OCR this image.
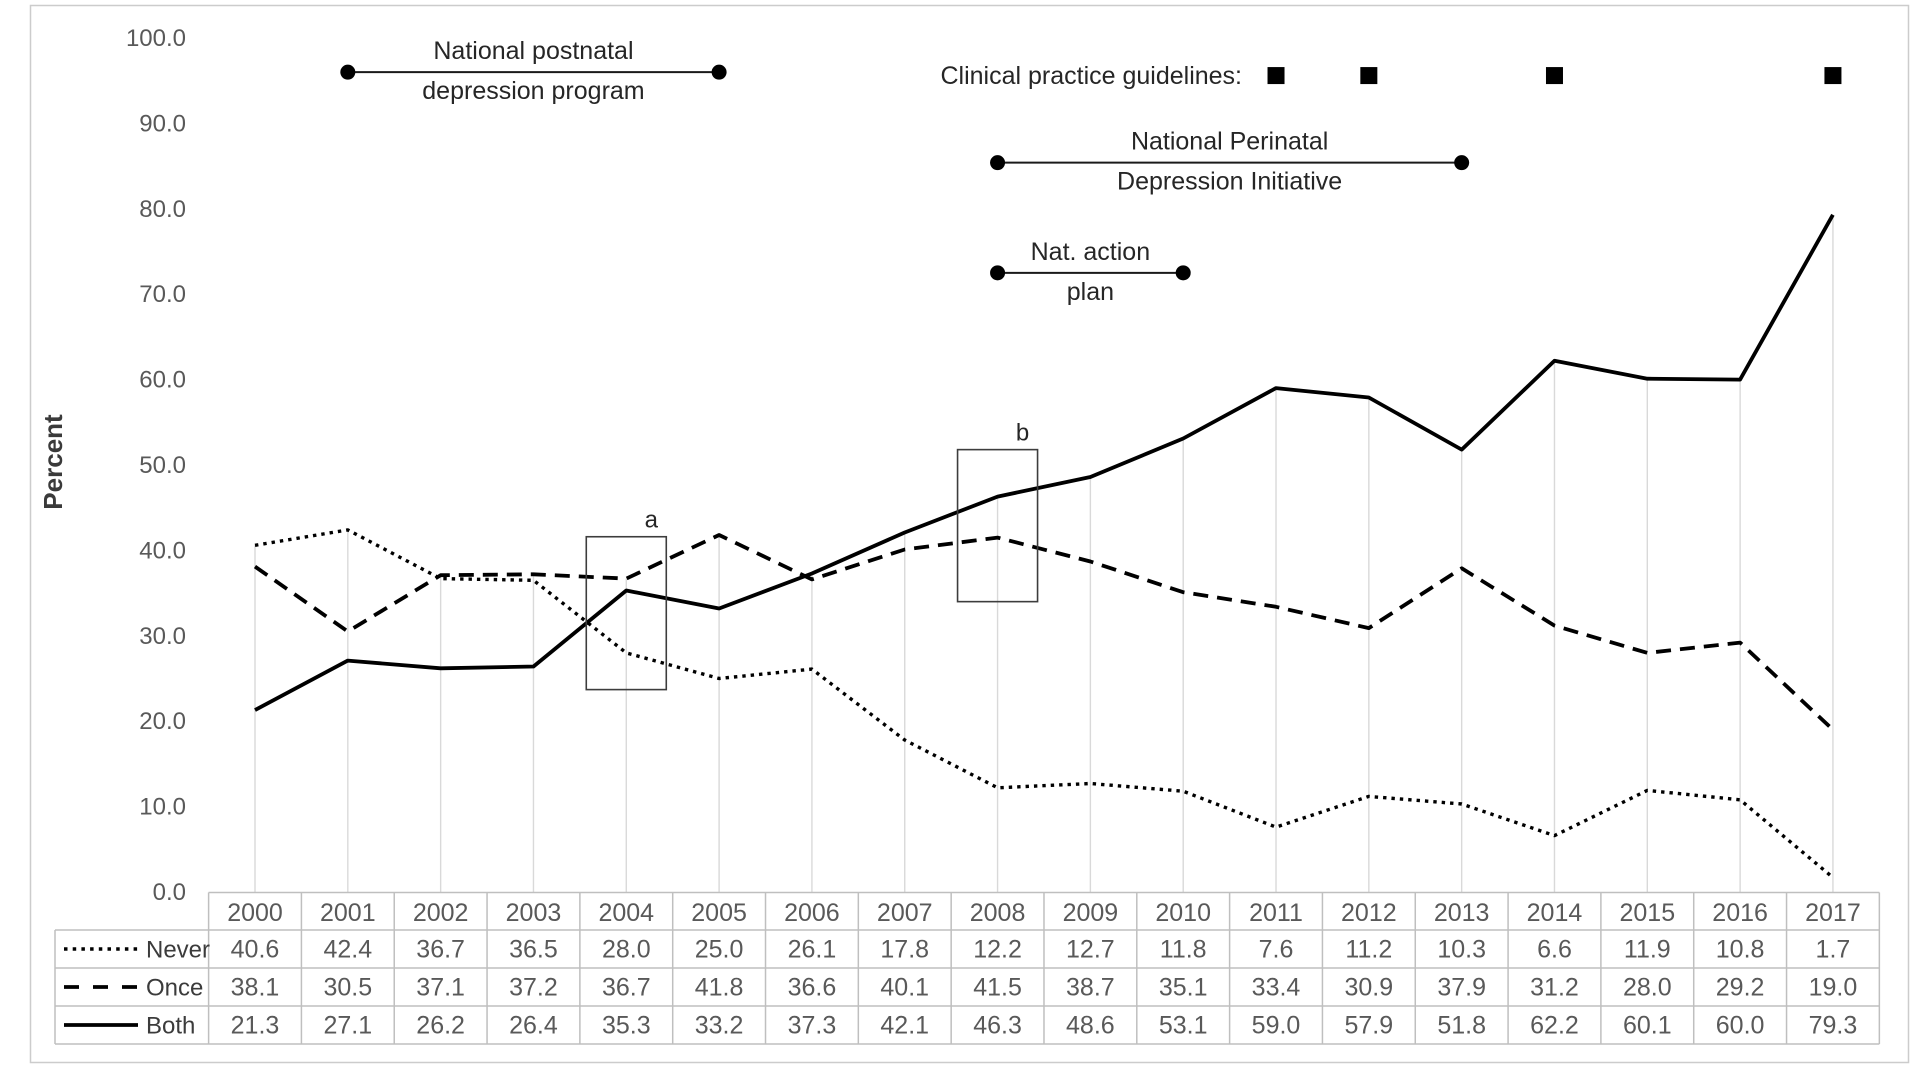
Percent
0.0
10.0
20.0
30.0
40.0
50.0
60.0
70.0
80.0
90.0
100.0	National postnatal
depression program
National Perinatal
Depression Initiative
Nat. action
plan
Clinical practice guidelines:
a
b
2000 2001 2002 2003 2004 2005 2006 2007 2008 2009 2010 2011 2012 2013 2014 2015 2016 2017
Never 40.6 42.4 36.7 36.5 28.0 25.0 26.1 17.8 12.2 12.7 11.8 7.6 11.2 10.3 6.6 11.9 10.8 1.7
Once 38.1 30.5 37.1 37.2 36.7 41.8 36.6 40.1 41.5 38.7 35.1 33.4 30.9 37.9 31.2 28.0 29.2 19.0
Both 21.3 27.1 26.2 26.4 35.3 33.2 37.3 42.1 46.3 48.6 53.1 59.0 57.9 51.8 62.2 60.1 60.0 79.3
